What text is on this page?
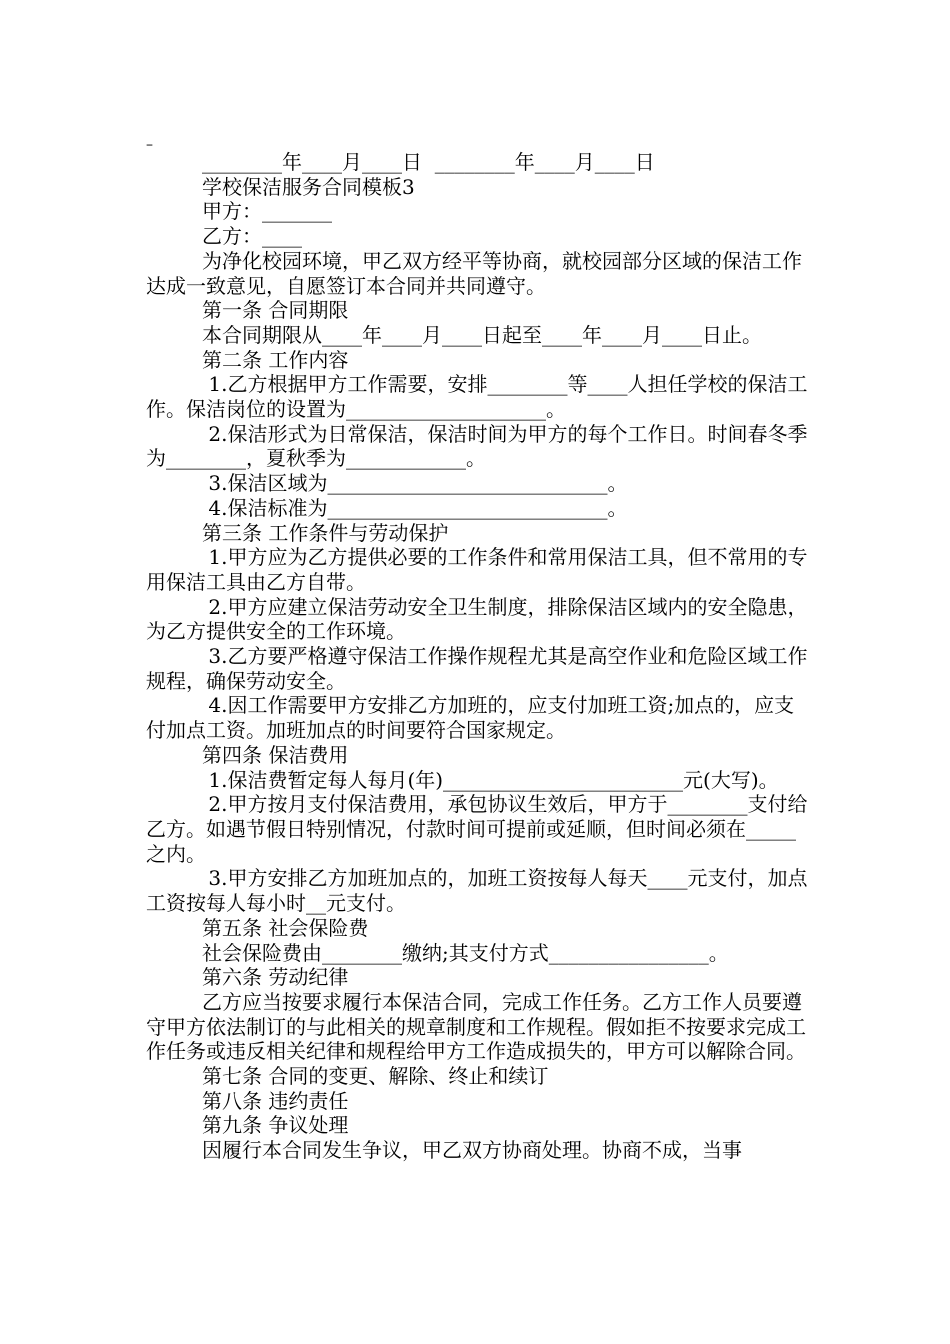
–

________年____月____日  ________年____月____日

学校保洁服务合同模板3

甲方：_______

乙方：____

为净化校园环境，甲乙双方经平等协商，就校园部分区域的保洁工作达成一致意见，自愿签订本合同并共同遵守。

第一条 合同期限

本合同期限从____年____月____日起至____年____月____日止。

第二条 工作内容

1.乙方根据甲方工作需要，安排________等____人担任学校的保洁工作。保洁岗位的设置为____________________。

2.保洁形式为日常保洁，保洁时间为甲方的每个工作日。时间春冬季为________，夏秋季为____________。

3.保洁区域为____________________________。

4.保洁标准为____________________________。

第三条 工作条件与劳动保护

1.甲方应为乙方提供必要的工作条件和常用保洁工具，但不常用的专用保洁工具由乙方自带。

2.甲方应建立保洁劳动安全卫生制度，排除保洁区域内的安全隐患，为乙方提供安全的工作环境。

3.乙方要严格遵守保洁工作操作规程尤其是高空作业和危险区域工作规程，确保劳动安全。

4.因工作需要甲方安排乙方加班的，应支付加班工资;加点的，应支付加点工资。加班加点的时间要符合国家规定。

第四条 保洁费用

1.保洁费暂定每人每月(年)________________________元(大写)。

2.甲方按月支付保洁费用，承包协议生效后，甲方于________支付给乙方。如遇节假日特别情况，付款时间可提前或延顺，但时间必须在_____之内。

3.甲方安排乙方加班加点的，加班工资按每人每天____元支付，加点工资按每人每小时__元支付。

第五条 社会保险费

社会保险费由________缴纳;其支付方式________________。

第六条 劳动纪律

乙方应当按要求履行本保洁合同，完成工作任务。乙方工作人员要遵守甲方依法制订的与此相关的规章制度和工作规程。假如拒不按要求完成工作任务或违反相关纪律和规程给甲方工作造成损失的，甲方可以解除合同。

第七条 合同的变更、解除、终止和续订

第八条 违约责任

第九条 争议处理

因履行本合同发生争议，甲乙双方协商处理。协商不成，当事
